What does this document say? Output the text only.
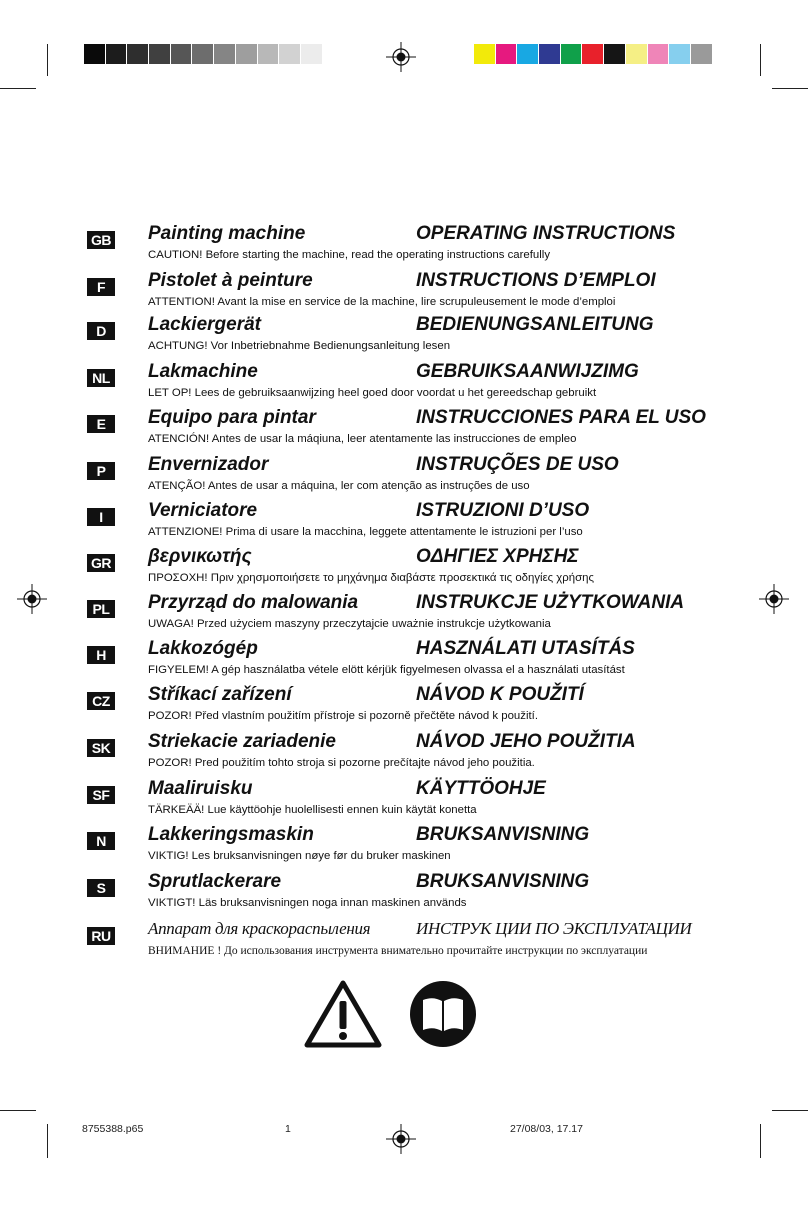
GB Painting machine	OPERATING INSTRUCTIONS
CAUTION! Before starting the machine, read the operating instructions carefully
F	Pistolet à peinture	INSTRUCTIONS D’EMPLOI
ATTENTION! Avant la mise en service de la machine, lire scrupuleusement le mode d’emploi
D	Lackiergerät	BEDIENUNGSANLEITUNG
ACHTUNG! Vor Inbetriebnahme Bedienungsanleitung lesen
NL Lakmachine	GEBRUIKSAANWIJZIMG
LET OP! Lees de gebruiksaanwijzing heel goed door voordat u het gereedschap gebruikt
E	Equipo para pintar	INSTRUCCIONES PARA EL USO
ATENCIÓN! Antes de usar la máqiuna, leer atentamente las instrucciones de empleo
P	Envernizador	INSTRUÇÕES DE USO
ATENÇÃO! Antes de usar a máquina, ler com atenção as instruções de uso
I	Verniciatore	ISTRUZIONI D’USO
ATTENZIONE! Prima di usare la macchina, leggete attentamente le istruzioni per l’uso
GR βερνικωτής	ΟΔΗΓΙΕΣ ΧΡΗΣΗΣ
ΠΡΟΣΟΧΗ! Πριν χρησμοποιήσετε το μηχάνημα διαβάστε προσεκτικά τις οδηγίες χρήσης
PL Przyrząd do malowania	INSTRUKCJE UŻYTKOWANIA
UWAGA! Przed użyciem maszyny przeczytajcie uważnie instrukcje użytkowania
H	Lakkozógép	HASZNÁLATI UTASÍTÁS
FIGYELEM! A gép használatba vétele elött kérjük figyelmesen olvassa el a használati utasítást
CZ Stříkací zařízení	NÁVOD K POUŽITÍ
POZOR! Před vlastním použitím přístroje si pozorně přečtěte návod k použití.
SK Striekacie zariadenie	NÁVOD JEHO POUŽITIA
POZOR! Pred použitím tohto stroja si pozorne prečítajte návod jeho použitia.
SF Maaliruisku	KÄYTTÖOHJE
TÄRKEÄÄ! Lue käyttöohje huolellisesti ennen kuin käytät konetta
N	Lakkeringsmaskin	BRUKSANVISNING
VIKTIG! Les bruksanvisningen nøye før du bruker maskinen
S	Sprutlackerare	BRUKSANVISNING
VIKTIGT! Läs bruksanvisningen noga innan maskinen används
RU Аппарат для краскораспыления	ИНСТРУК ЦИИ ПО ЭКСПЛУАТАЦИИ
ВНИМАНИЕ ! До использования инструмента внимательно прочитайте инструкции по эксплуатации
8755388.p65	1	27/08/03, 17.17
